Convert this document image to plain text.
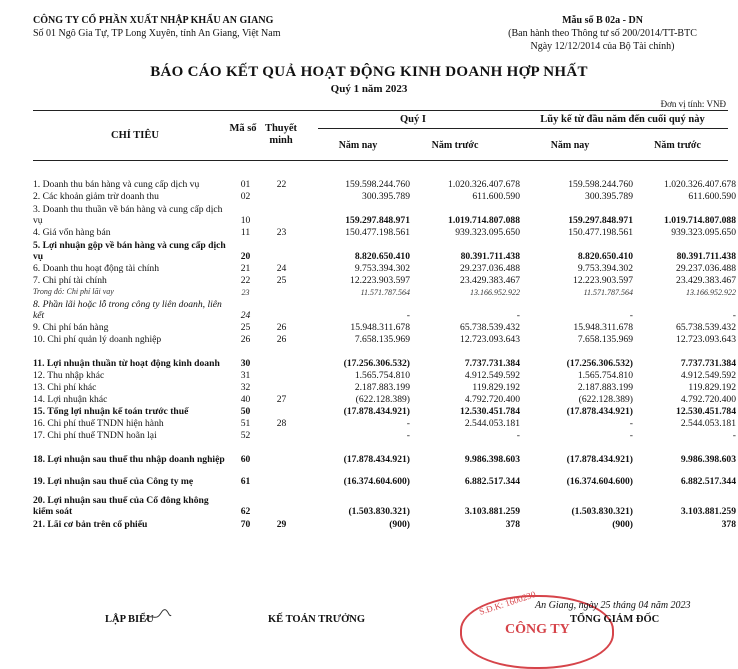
CÔNG TY CỔ PHẦN XUẤT NHẬP KHẨU AN GIANG
Số 01 Ngô Gia Tự, TP Long Xuyên, tỉnh An Giang, Việt Nam
Mẫu số B 02a - DN
(Ban hành theo Thông tư số 200/2014/TT-BTC
Ngày 12/12/2014 của Bộ Tài chính)
BÁO CÁO KẾT QUẢ HOẠT ĐỘNG KINH DOANH HỢP NHẤT
Quý 1 năm 2023
Đơn vị tính: VNĐ
CHỈ TIÊU
Mã số Thuyết minh
Quý I	Lũy kế từ đầu năm đến cuối quý này
Năm nay	Năm trước	Năm nay	Năm trước
1. Doanh thu bán hàng và cung cấp dịch vụ	01	22	159.598.244.760	1.020.326.407.678	159.598.244.760	1.020.326.407.678
2. Các khoản giảm trừ doanh thu	02		300.395.789	611.600.590	300.395.789	611.600.590
3. Doanh thu thuần về bán hàng và cung cấp dịch vụ	10		159.297.848.971	1.019.714.807.088	159.297.848.971	1.019.714.807.088
4. Giá vốn hàng bán	11	23	150.477.198.561	939.323.095.650	150.477.198.561	939.323.095.650
5. Lợi nhuận gộp về bán hàng và cung cấp dịch vụ	20		8.820.650.410	80.391.711.438	8.820.650.410	80.391.711.438
6. Doanh thu hoạt động tài chính	21	24	9.753.394.302	29.237.036.488	9.753.394.302	29.237.036.488
7. Chi phí tài chính	22	25	12.223.903.597	23.429.383.467	12.223.903.597	23.429.383.467
Trong đó: Chi phí lãi vay	23		11.571.787.564	13.166.952.922	11.571.787.564	13.166.952.922
8. Phần lãi hoặc lỗ trong công ty liên doanh, liên kết	24		-	-	-	-
9. Chi phí bán hàng	25	26	15.948.311.678	65.738.539.432	15.948.311.678	65.738.539.432
10. Chi phí quản lý doanh nghiệp	26	26	7.658.135.969	12.723.093.643	7.658.135.969	12.723.093.643
11. Lợi nhuận thuần từ hoạt động kinh doanh	30		(17.256.306.532)	7.737.731.384	(17.256.306.532)	7.737.731.384
12. Thu nhập khác	31		1.565.754.810	4.912.549.592	1.565.754.810	4.912.549.592
13. Chi phí khác	32		2.187.883.199	119.829.192	2.187.883.199	119.829.192
14. Lợi nhuận khác	40	27	(622.128.389)	4.792.720.400	(622.128.389)	4.792.720.400
15. Tổng lợi nhuận kế toán trước thuế	50		(17.878.434.921)	12.530.451.784	(17.878.434.921)	12.530.451.784
16. Chi phí thuế TNDN hiện hành	51	28	-	2.544.053.181	-	2.544.053.181
17. Chi phí thuế TNDN hoãn lại	52		-	-	-	-
18. Lợi nhuận sau thuế thu nhập doanh nghiệp	60		(17.878.434.921)	9.986.398.603	(17.878.434.921)	9.986.398.603
19. Lợi nhuận sau thuế của Công ty mẹ	61		(16.374.604.600)	6.882.517.344	(16.374.604.600)	6.882.517.344
20. Lợi nhuận sau thuế của Cổ đông không kiểm soát	62		(1.503.830.321)	3.103.881.259	(1.503.830.321)	3.103.881.259
21. Lãi cơ bản trên cổ phiếu	70	29	(900)	378	(900)	378
LẬP BIỂU	KẾ TOÁN TRƯỞNG
S.Đ.K: 1600230
CÔNG TY
An Giang, ngày 25 tháng 04 năm 2023
TỔNG GIÁM ĐỐC
